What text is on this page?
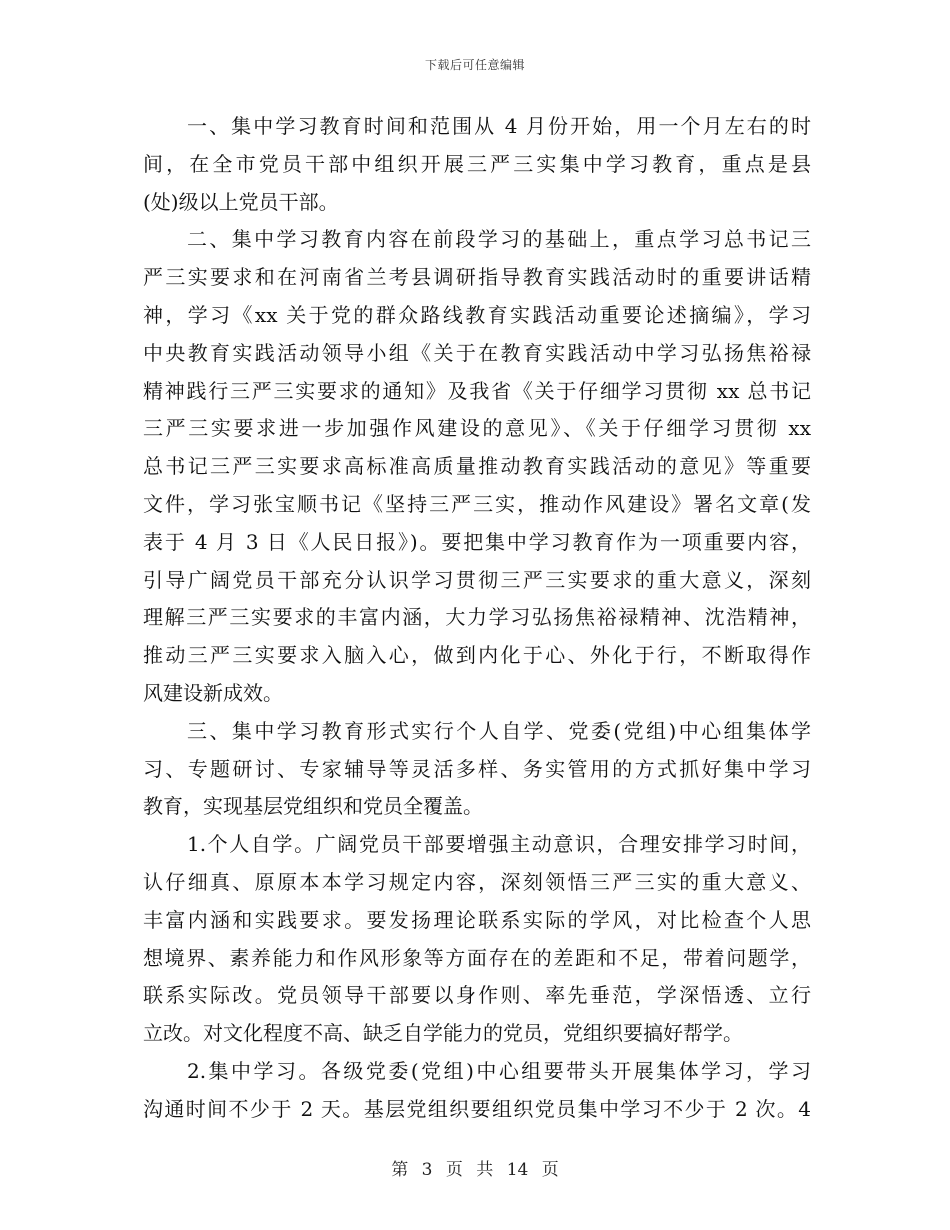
下载后可任意编辑
一、集中学习教育时间和范围从 4 月份开始，用一个月左右的时
间，在全市党员干部中组织开展三严三实集中学习教育，重点是县
(处)级以上党员干部。
二、集中学习教育内容在前段学习的基础上，重点学习总书记三
严三实要求和在河南省兰考县调研指导教育实践活动时的重要讲话精
神，学习《xx 关于党的群众路线教育实践活动重要论述摘编》，学习
中央教育实践活动领导小组《关于在教育实践活动中学习弘扬焦裕禄
精神践行三严三实要求的通知》及我省《关于仔细学习贯彻 xx 总书记
三严三实要求进一步加强作风建设的意见》、《关于仔细学习贯彻 xx
总书记三严三实要求高标准高质量推动教育实践活动的意见》等重要
文件，学习张宝顺书记《坚持三严三实，推动作风建设》署名文章(发
表于 4 月 3 日《人民日报》)。要把集中学习教育作为一项重要内容，
引导广阔党员干部充分认识学习贯彻三严三实要求的重大意义，深刻
理解三严三实要求的丰富内涵，大力学习弘扬焦裕禄精神、沈浩精神，
推动三严三实要求入脑入心，做到内化于心、外化于行，不断取得作
风建设新成效。
三、集中学习教育形式实行个人自学、党委(党组)中心组集体学
习、专题研讨、专家辅导等灵活多样、务实管用的方式抓好集中学习
教育，实现基层党组织和党员全覆盖。
1.个人自学。广阔党员干部要增强主动意识，合理安排学习时间，
认仔细真、原原本本学习规定内容，深刻领悟三严三实的重大意义、
丰富内涵和实践要求。要发扬理论联系实际的学风，对比检查个人思
想境界、素养能力和作风形象等方面存在的差距和不足，带着问题学，
联系实际改。党员领导干部要以身作则、率先垂范，学深悟透、立行
立改。对文化程度不高、缺乏自学能力的党员，党组织要搞好帮学。
2.集中学习。各级党委(党组)中心组要带头开展集体学习，学习
沟通时间不少于 2 天。基层党组织要组织党员集中学习不少于 2 次。4
第 3 页 共 14 页
